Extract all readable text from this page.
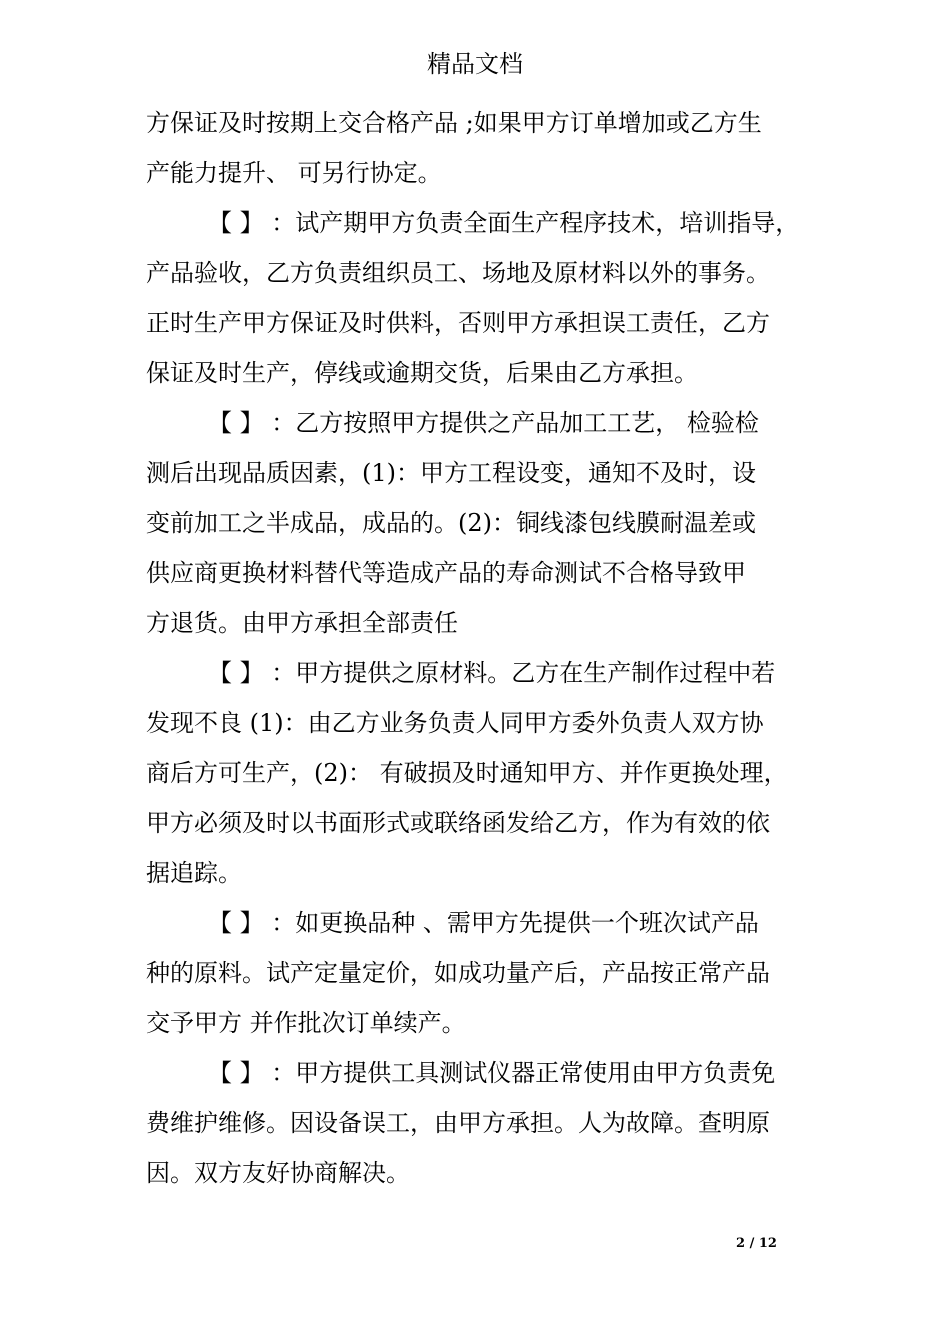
精品文档

方保证及时按期上交合格产品 ;如果甲方订单增加或乙方生
产能力提升、 可另行协定。

【 】 ：试产期甲方负责全面生产程序技术，培训指导，
产品验收，乙方负责组织员工、场地及原材料以外的事务。
正时生产甲方保证及时供料，否则甲方承担误工责任，乙方
保证及时生产，停线或逾期交货，后果由乙方承担。

【 】 ：乙方按照甲方提供之产品加工工艺， 检验检
测后出现品质因素，(1)：甲方工程设变，通知不及时，设
变前加工之半成品，成品的。(2)：铜线漆包线膜耐温差或
供应商更换材料替代等造成产品的寿命测试不合格导致甲
方退货。由甲方承担全部责任

【 】 ：甲方提供之原材料。乙方在生产制作过程中若
发现不良 (1)：由乙方业务负责人同甲方委外负责人双方协
商后方可生产，(2)： 有破损及时通知甲方、并作更换处理，
甲方必须及时以书面形式或联络函发给乙方，作为有效的依
据追踪。

【 】 ：如更换品种 、需甲方先提供一个班次试产品
种的原料。试产定量定价，如成功量产后，产品按正常产品
交予甲方 并作批次订单续产。

【 】 ：甲方提供工具测试仪器正常使用由甲方负责免
费维护维修。因设备误工，由甲方承担。人为故障。查明原
因。双方友好协商解决。

2 / 12
